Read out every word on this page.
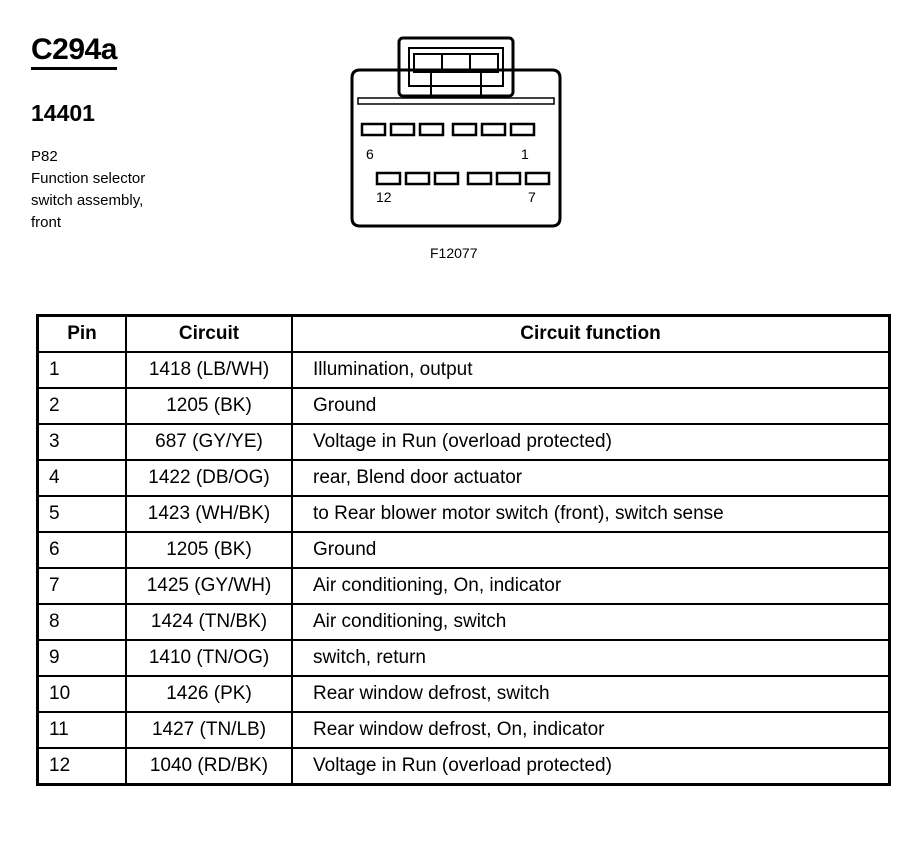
C294a
14401
P82
Function selector
switch assembly,
front
6	1
12	7
F12077
Pin	Circuit	Circuit function
1	1418 (LB/WH)	Illumination, output
2	1205 (BK)	Ground
3	687 (GY/YE)	Voltage in Run (overload protected)
4	1422 (DB/OG)	rear, Blend door actuator
5	1423 (WH/BK)	to Rear blower motor switch (front), switch sense
6	1205 (BK)	Ground
7	1425 (GY/WH)	Air conditioning, On, indicator
8	1424 (TN/BK)	Air conditioning, switch
9	1410 (TN/OG)	switch, return
10	1426 (PK)	Rear window defrost, switch
11	1427 (TN/LB)	Rear window defrost, On, indicator
12	1040 (RD/BK)	Voltage in Run (overload protected)
